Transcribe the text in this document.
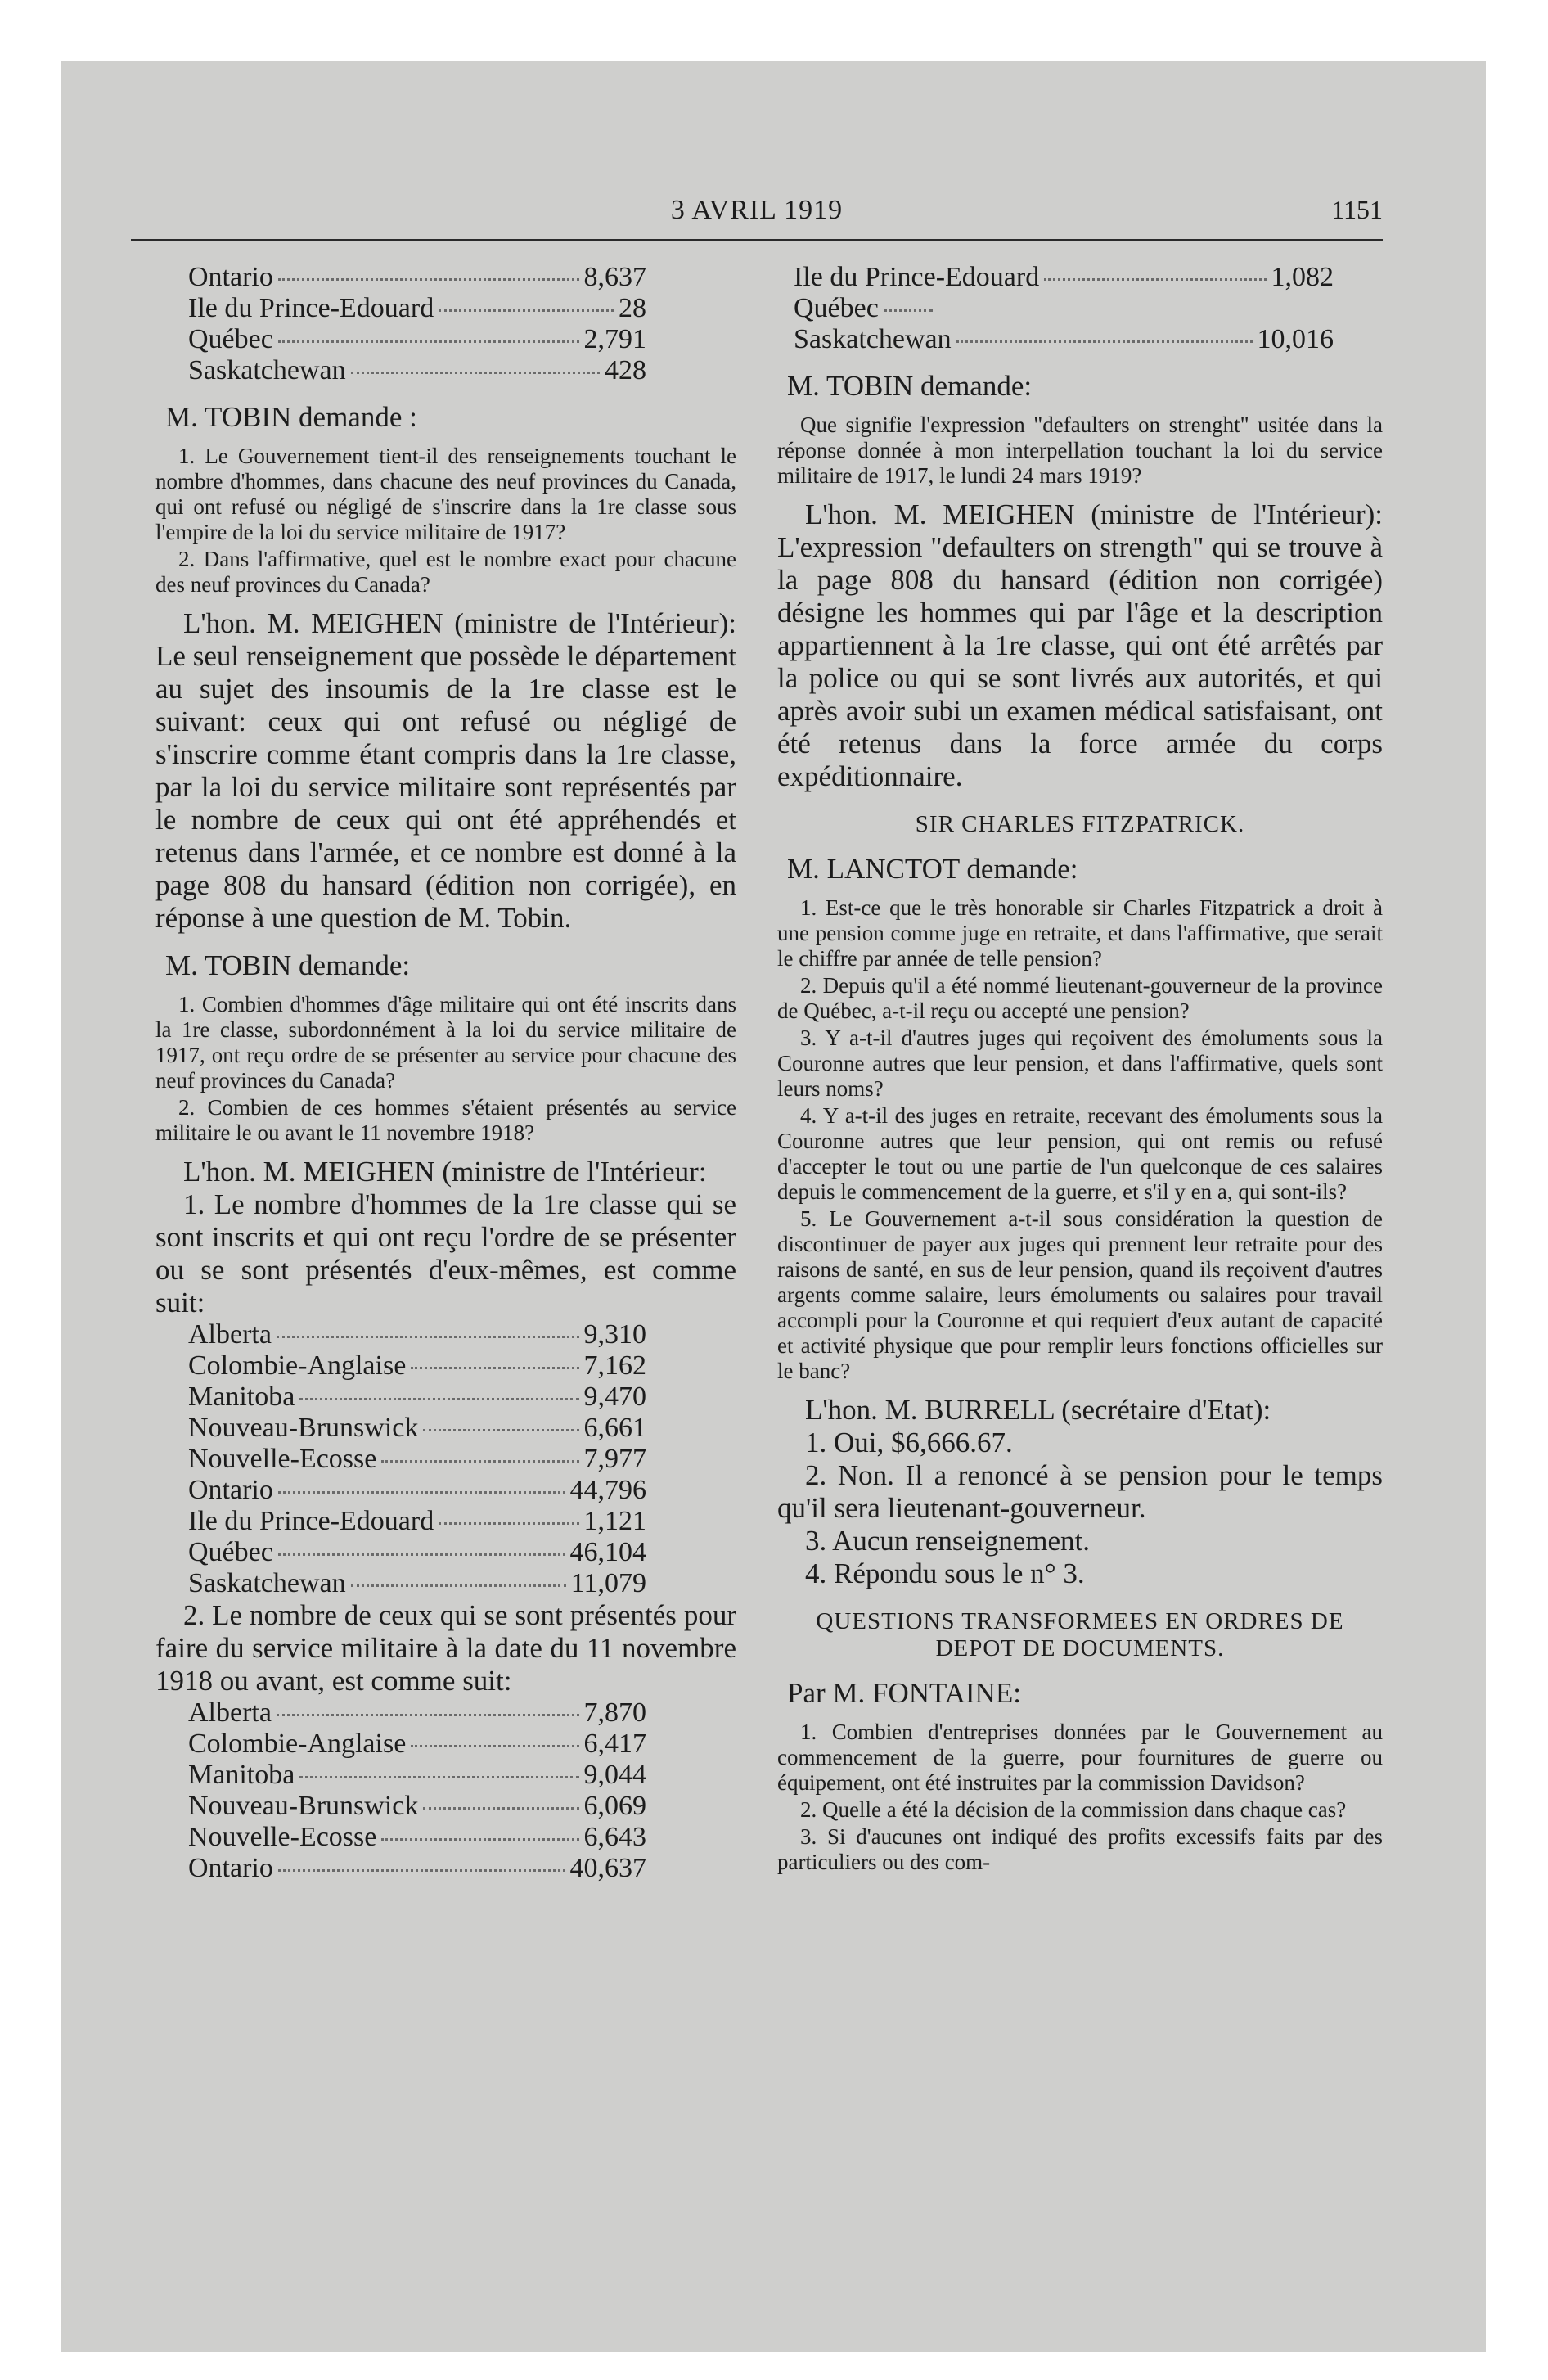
3 AVRIL 1919	1151
Ontario	8,637
Ile du Prince-Edouard	28
Québec	2,791
Saskatchewan	428
M. TOBIN demande :

1. Le Gouvernement tient-il des renseignements touchant le nombre d'hommes, dans chacune des neuf provinces du Canada, qui ont refusé ou négligé de s'inscrire dans la 1re classe sous l'empire de la loi du service militaire de 1917?

2. Dans l'affirmative, quel est le nombre exact pour chacune des neuf provinces du Canada?

L'hon. M. MEIGHEN (ministre de l'Intérieur): Le seul renseignement que possède le département au sujet des insoumis de la 1re classe est le suivant: ceux qui ont refusé ou négligé de s'inscrire comme étant compris dans la 1re classe, par la loi du service militaire sont représentés par le nombre de ceux qui ont été appréhendés et retenus dans l'armée, et ce nombre est donné à la page 808 du hansard (édition non corrigée), en réponse à une question de M. Tobin.

M. TOBIN demande:

1. Combien d'hommes d'âge militaire qui ont été inscrits dans la 1re classe, subordonnément à la loi du service militaire de 1917, ont reçu ordre de se présenter au service pour chacune des neuf provinces du Canada?

2. Combien de ces hommes s'étaient présentés au service militaire le ou avant le 11 novembre 1918?

L'hon. M. MEIGHEN (ministre de l'Intérieur:

1. Le nombre d'hommes de la 1re classe qui se sont inscrits et qui ont reçu l'ordre de se présenter ou se sont présentés d'eux-mêmes, est comme suit:

Alberta	9,310
Colombie-Anglaise	7,162
Manitoba	9,470
Nouveau-Brunswick	6,661
Nouvelle-Ecosse	7,977
Ontario	44,796
Ile du Prince-Edouard	1,121
Québec	46,104
Saskatchewan	11,079

2. Le nombre de ceux qui se sont présentés pour faire du service militaire à la date du 11 novembre 1918 ou avant, est comme suit:

Alberta	7,870
Colombie-Anglaise	6,417
Manitoba	9,044
Nouveau-Brunswick	6,069
Nouvelle-Ecosse	6,643
Ontario	40,637
Ile du Prince-Edouard	1,082
Québec
Saskatchewan	10,016
M. TOBIN demande:

Que signifie l'expression "defaulters on strenght" usitée dans la réponse donnée à mon interpellation touchant la loi du service militaire de 1917, le lundi 24 mars 1919?

L'hon. M. MEIGHEN (ministre de l'Intérieur): L'expression "defaulters on strength" qui se trouve à la page 808 du hansard (édition non corrigée) désigne les hommes qui par l'âge et la description appartiennent à la 1re classe, qui ont été arrêtés par la police ou qui se sont livrés aux autorités, et qui après avoir subi un examen médical satisfaisant, ont été retenus dans la force armée du corps expéditionnaire.

SIR CHARLES FITZPATRICK.
M. LANCTOT demande:

1. Est-ce que le très honorable sir Charles Fitzpatrick a droit à une pension comme juge en retraite, et dans l'affirmative, que serait le chiffre par année de telle pension?

2. Depuis qu'il a été nommé lieutenant-gouverneur de la province de Québec, a-t-il reçu ou accepté une pension?

3. Y a-t-il d'autres juges qui reçoivent des émoluments sous la Couronne autres que leur pension, et dans l'affirmative, quels sont leurs noms?

4. Y a-t-il des juges en retraite, recevant des émoluments sous la Couronne autres que leur pension, qui ont remis ou refusé d'accepter le tout ou une partie de l'un quelconque de ces salaires depuis le commencement de la guerre, et s'il y en a, qui sont-ils?

5. Le Gouvernement a-t-il sous considération la question de discontinuer de payer aux juges qui prennent leur retraite pour des raisons de santé, en sus de leur pension, quand ils reçoivent d'autres argents comme salaire, leurs émoluments ou salaires pour travail accompli pour la Couronne et qui requiert d'eux autant de capacité et activité physique que pour remplir leurs fonctions officielles sur le banc?

L'hon. M. BURRELL (secrétaire d'Etat):

1. Oui, $6,666.67.

2. Non. Il a renoncé à se pension pour le temps qu'il sera lieutenant-gouverneur.

3. Aucun renseignement.

4. Répondu sous le n° 3.

QUESTIONS TRANSFORMEES EN ORDRES DE DEPOT DE DOCUMENTS.
Par M. FONTAINE:

1. Combien d'entreprises données par le Gouvernement au commencement de la guerre, pour fournitures de guerre ou équipement, ont été instruites par la commission Davidson?

2. Quelle a été la décision de la commission dans chaque cas?

3. Si d'aucunes ont indiqué des profits excessifs faits par des particuliers ou des com-
